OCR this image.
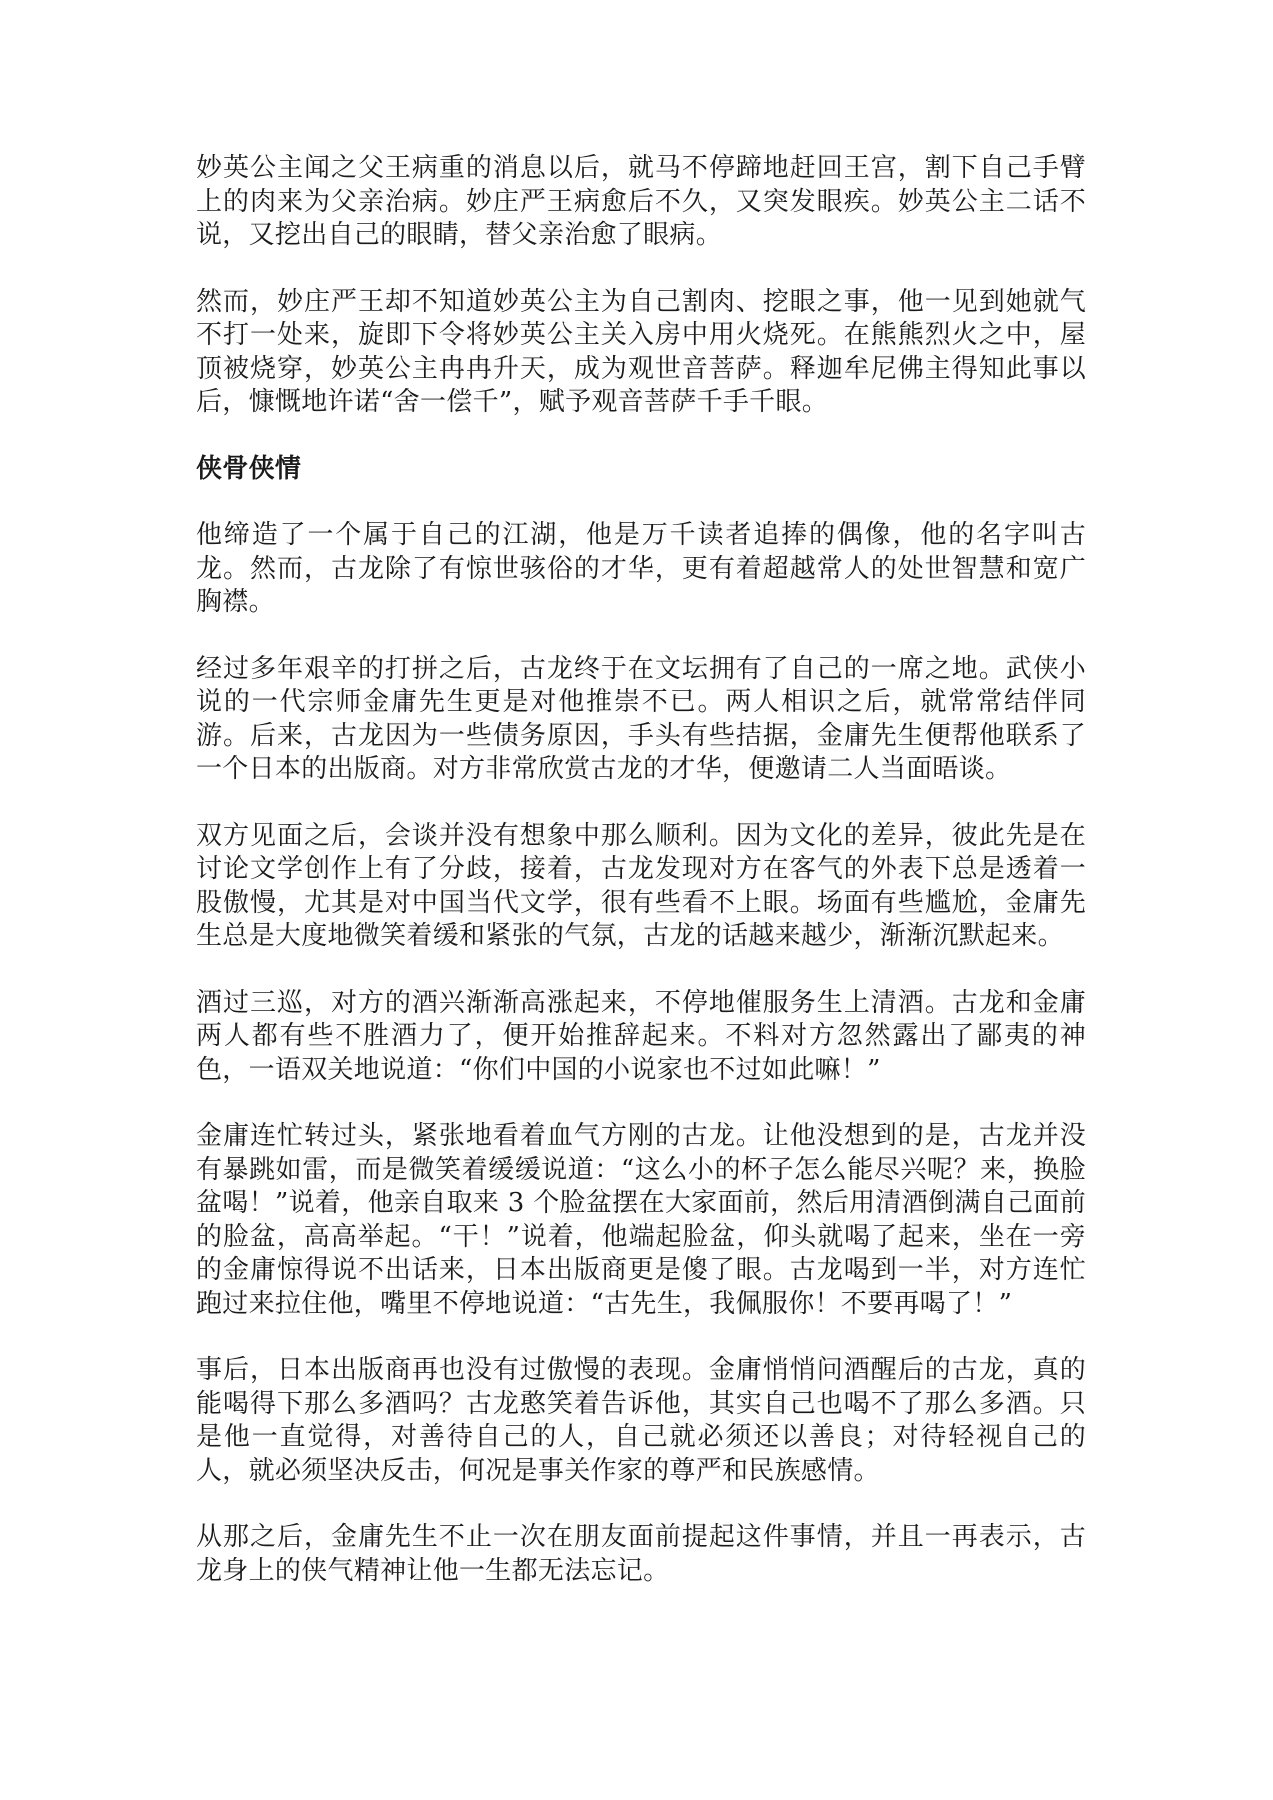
妙英公主闻之父王病重的消息以后，就马不停蹄地赶回王宫，割下自己手臂上的肉来为父亲治病。妙庄严王病愈后不久，又突发眼疾。妙英公主二话不说，又挖出自己的眼睛，替父亲治愈了眼病。

然而，妙庄严王却不知道妙英公主为自己割肉、挖眼之事，他一见到她就气不打一处来，旋即下令将妙英公主关入房中用火烧死。在熊熊烈火之中，屋顶被烧穿，妙英公主冉冉升天，成为观世音菩萨。释迦牟尼佛主得知此事以后，慷慨地许诺“舍一偿千”，赋予观音菩萨千手千眼。

侠骨侠情

他缔造了一个属于自己的江湖，他是万千读者追捧的偶像，他的名字叫古龙。然而，古龙除了有惊世骇俗的才华，更有着超越常人的处世智慧和宽广胸襟。

经过多年艰辛的打拼之后，古龙终于在文坛拥有了自己的一席之地。武侠小说的一代宗师金庸先生更是对他推崇不已。两人相识之后，就常常结伴同游。后来，古龙因为一些债务原因，手头有些拮据，金庸先生便帮他联系了一个日本的出版商。对方非常欣赏古龙的才华，便邀请二人当面晤谈。

双方见面之后，会谈并没有想象中那么顺利。因为文化的差异，彼此先是在讨论文学创作上有了分歧，接着，古龙发现对方在客气的外表下总是透着一股傲慢，尤其是对中国当代文学，很有些看不上眼。场面有些尴尬，金庸先生总是大度地微笑着缓和紧张的气氛，古龙的话越来越少，渐渐沉默起来。

酒过三巡，对方的酒兴渐渐高涨起来，不停地催服务生上清酒。古龙和金庸两人都有些不胜酒力了，便开始推辞起来。不料对方忽然露出了鄙夷的神色，一语双关地说道：“你们中国的小说家也不过如此嘛！”

金庸连忙转过头，紧张地看着血气方刚的古龙。让他没想到的是，古龙并没有暴跳如雷，而是微笑着缓缓说道：“这么小的杯子怎么能尽兴呢？来，换脸盆喝！”说着，他亲自取来 3 个脸盆摆在大家面前，然后用清酒倒满自己面前的脸盆，高高举起。“干！”说着，他端起脸盆，仰头就喝了起来，坐在一旁的金庸惊得说不出话来，日本出版商更是傻了眼。古龙喝到一半，对方连忙跑过来拉住他，嘴里不停地说道：“古先生，我佩服你！不要再喝了！”

事后，日本出版商再也没有过傲慢的表现。金庸悄悄问酒醒后的古龙，真的能喝得下那么多酒吗？古龙憨笑着告诉他，其实自己也喝不了那么多酒。只是他一直觉得，对善待自己的人，自己就必须还以善良；对待轻视自己的人，就必须坚决反击，何况是事关作家的尊严和民族感情。

从那之后，金庸先生不止一次在朋友面前提起这件事情，并且一再表示，古龙身上的侠气精神让他一生都无法忘记。
